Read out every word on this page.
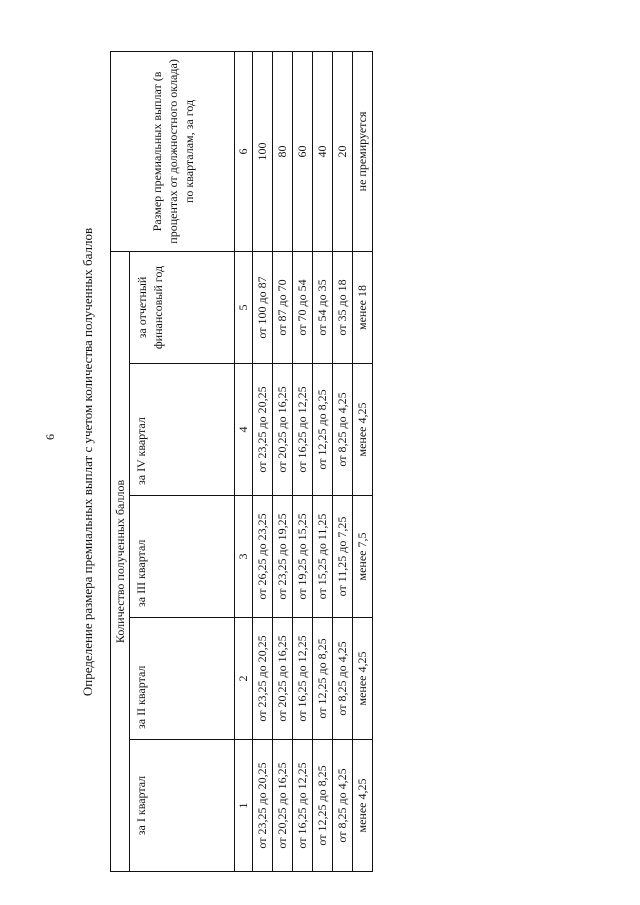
6	Определение размера премиальных выплат с учетом количества полученных баллов	Количество полученных баллов					Размер премиальных выплат (в процентах от должностного оклада) по кварталам, за год
за I квартал	за II квартал	за III квартал	за IV квартал	за отчетный финансовый год	
1	2	3	4	5	6
от 23,25 до 20,25	от 23,25 до 20,25	от 26,25 до 23,25	от 23,25 до 20,25	от 100 до 87	100
от 20,25 до 16,25	от 20,25 до 16,25	от 23,25 до 19,25	от 20,25 до 16,25	от 87 до 70	80
от 16,25 до 12,25	от 16,25 до 12,25	от 19,25 до 15,25	от 16,25 до 12,25	от 70 до 54	60
от 12,25 до 8,25	от 12,25 до 8,25	от 15,25 до 11,25	от 12,25 до 8,25	от 54 до 35	40
от 8,25 до 4,25	от 8,25 до 4,25	от 11,25 до 7,25	от 8,25 до 4,25	от 35 до 18	20
менее 4,25	менее 4,25	менее 7,5	менее 4,25	менее 18	не премируется
